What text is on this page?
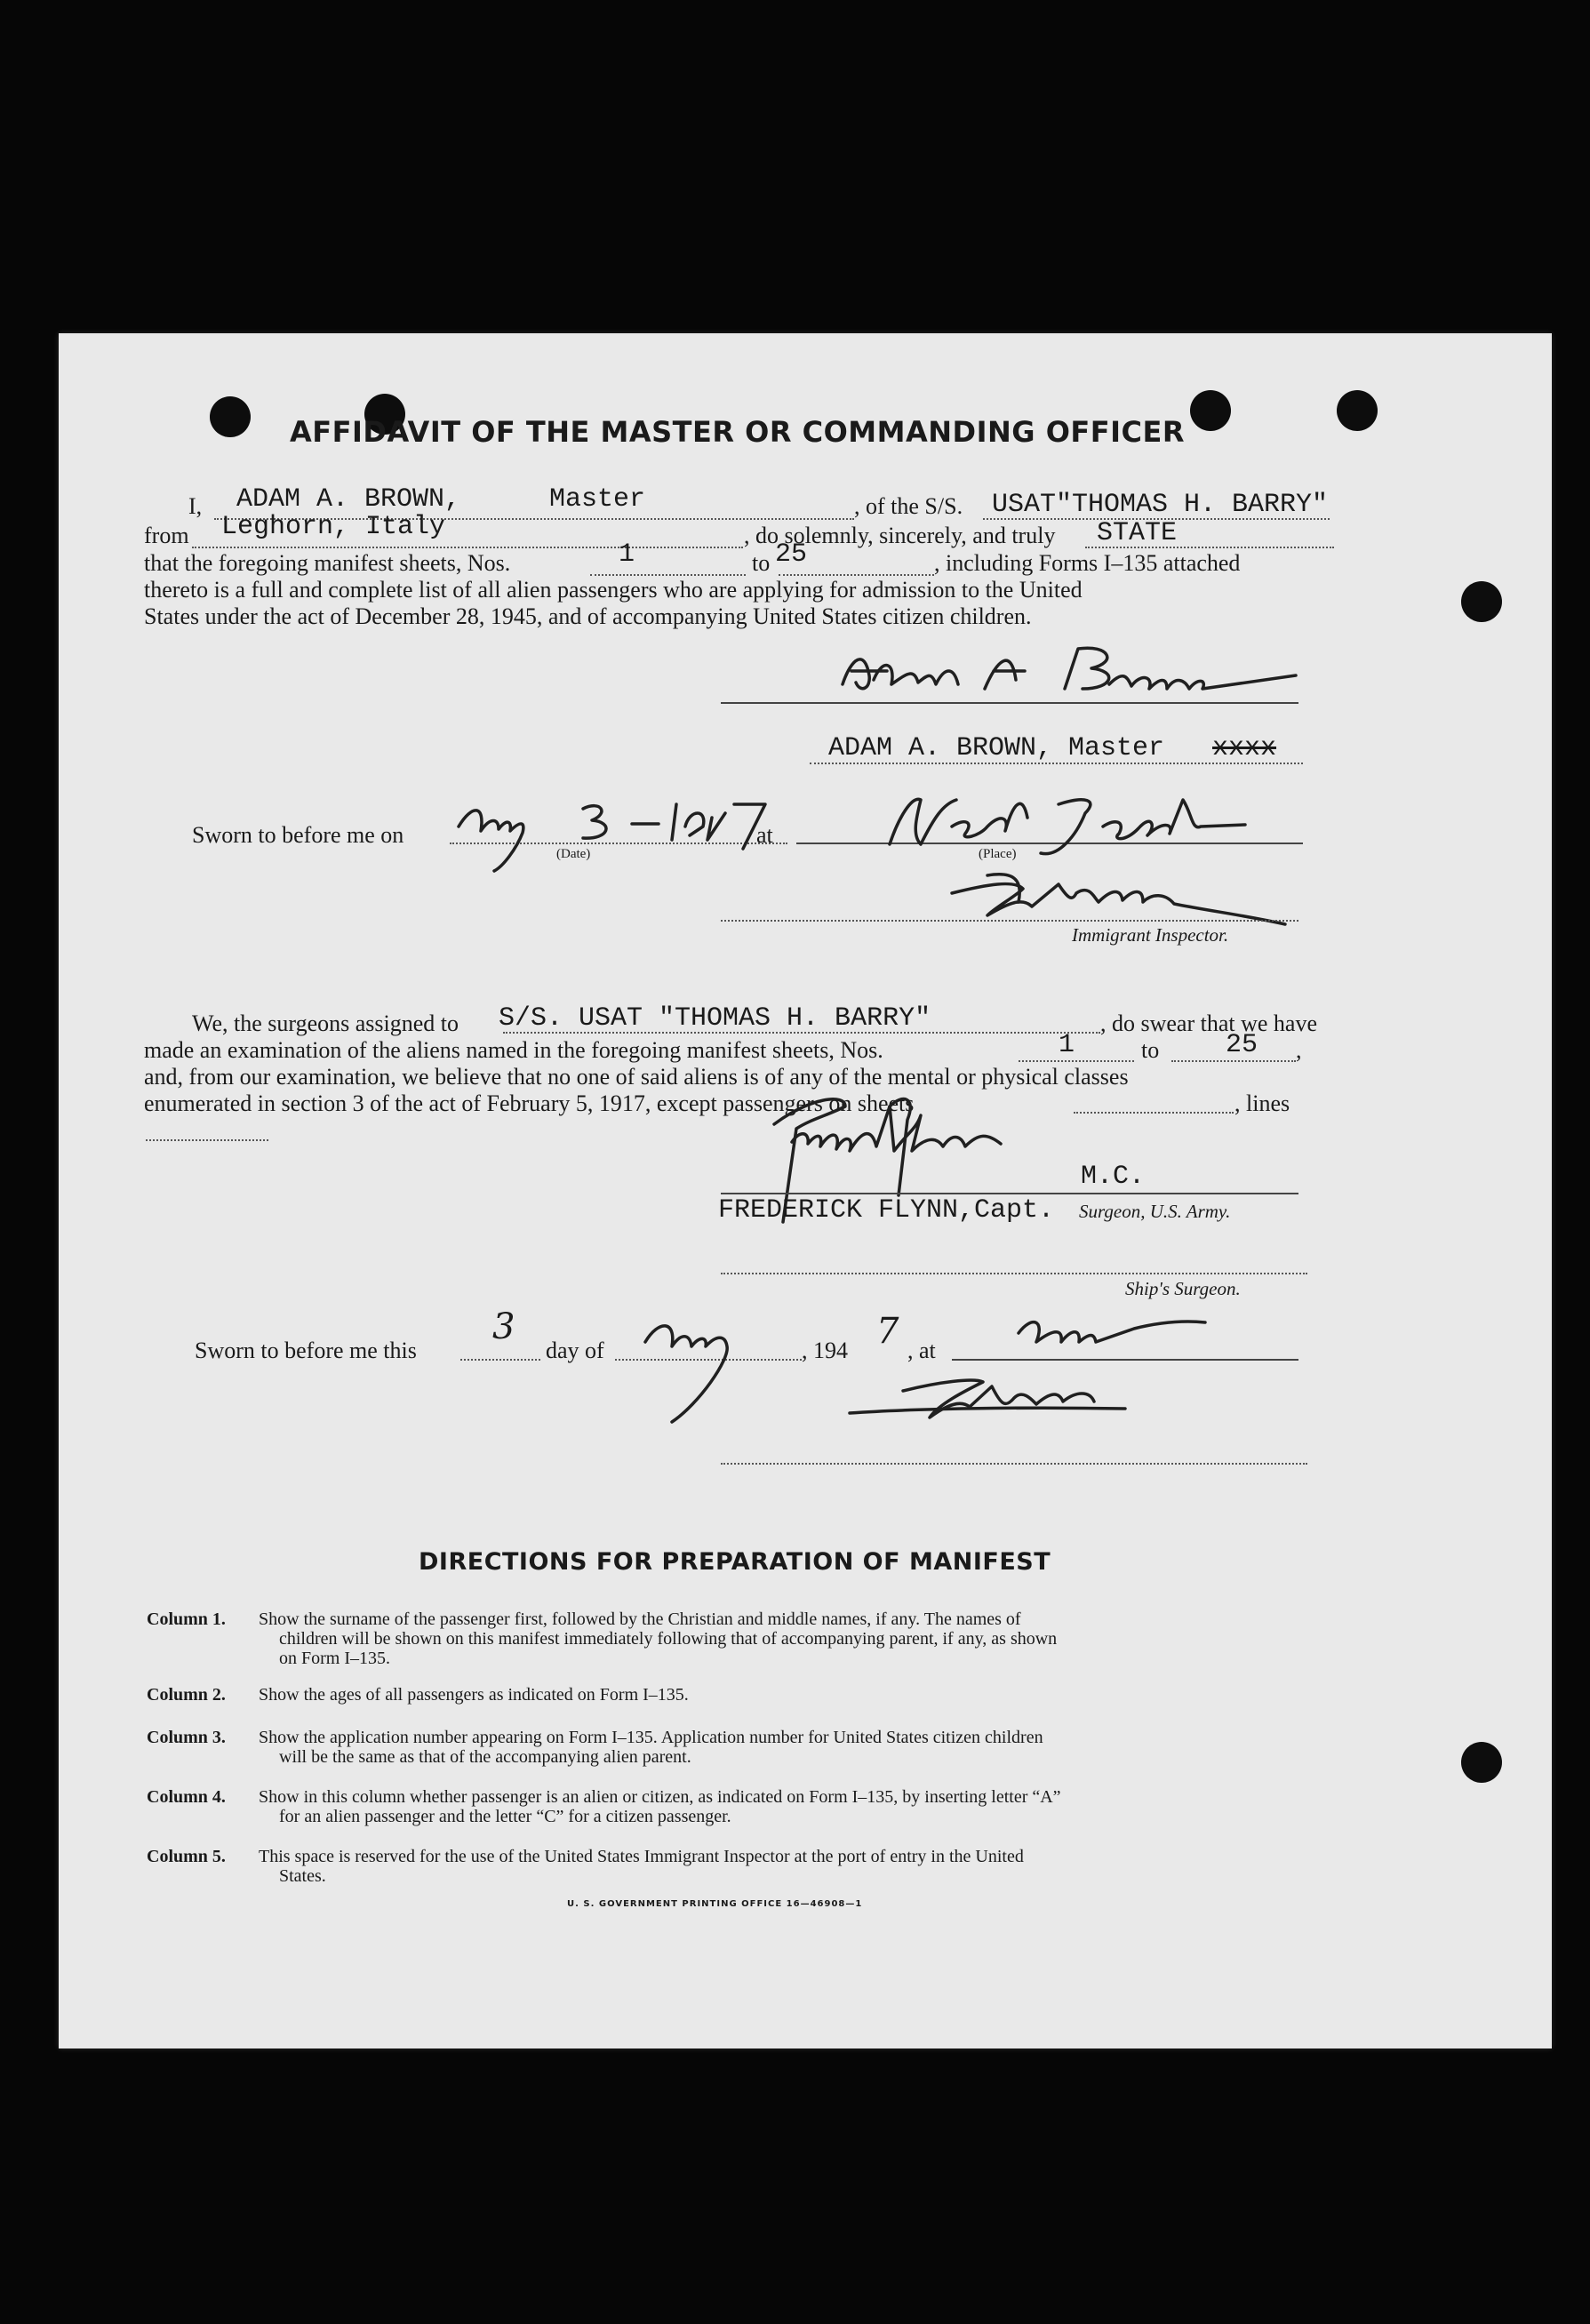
AFFIDAVIT OF THE MASTER OR COMMANDING OFFICER
I, ADAM A. BROWN,	Master	, of the S/S. USAT"THOMAS H. BARRY"
from Leghorn, Italy	, do solemnly, sincerely, and truly STATE
that the foregoing manifest sheets, Nos.	1	to 25	, including Forms I–135 attached
thereto is a full and complete list of all alien passengers who are applying for admission to the United
States under the act of December 28, 1945, and of accompanying United States citizen children.
ADAM A. BROWN, Master xxxx
Sworn to before me on
(Date)
at
(Place)
Immigrant Inspector.
We, the surgeons assigned to S/S. USAT "THOMAS H. BARRY"	, do swear that we have
made an examination of the aliens named in the foregoing manifest sheets, Nos.	1	to 25 ,
and, from our examination, we believe that no one of said aliens is of any of the mental or physical classes
enumerated in section 3 of the act of February 5, 1917, except passengers on sheets	, lines
M.C.
FREDERICK FLYNN,Capt. Surgeon, U.S. Army.
Ship's Surgeon.
Sworn to before me this
3
day of	, 194 7 , at
DIRECTIONS FOR PREPARATION OF MANIFEST
Column 1. Show the surname of the passenger first, followed by the Christian and middle names, if any. The names of
children will be shown on this manifest immediately following that of accompanying parent, if any, as shown
on Form I–135.
Column 2. Show the ages of all passengers as indicated on Form I–135.
Column 3. Show the application number appearing on Form I–135. Application number for United States citizen children
will be the same as that of the accompanying alien parent.
Column 4. Show in this column whether passenger is an alien or citizen, as indicated on Form I–135, by inserting letter “A”
for an alien passenger and the letter “C” for a citizen passenger.
Column 5. This space is reserved for the use of the United States Immigrant Inspector at the port of entry in the United
States.
U. S. GOVERNMENT PRINTING OFFICE 16—46908—1
